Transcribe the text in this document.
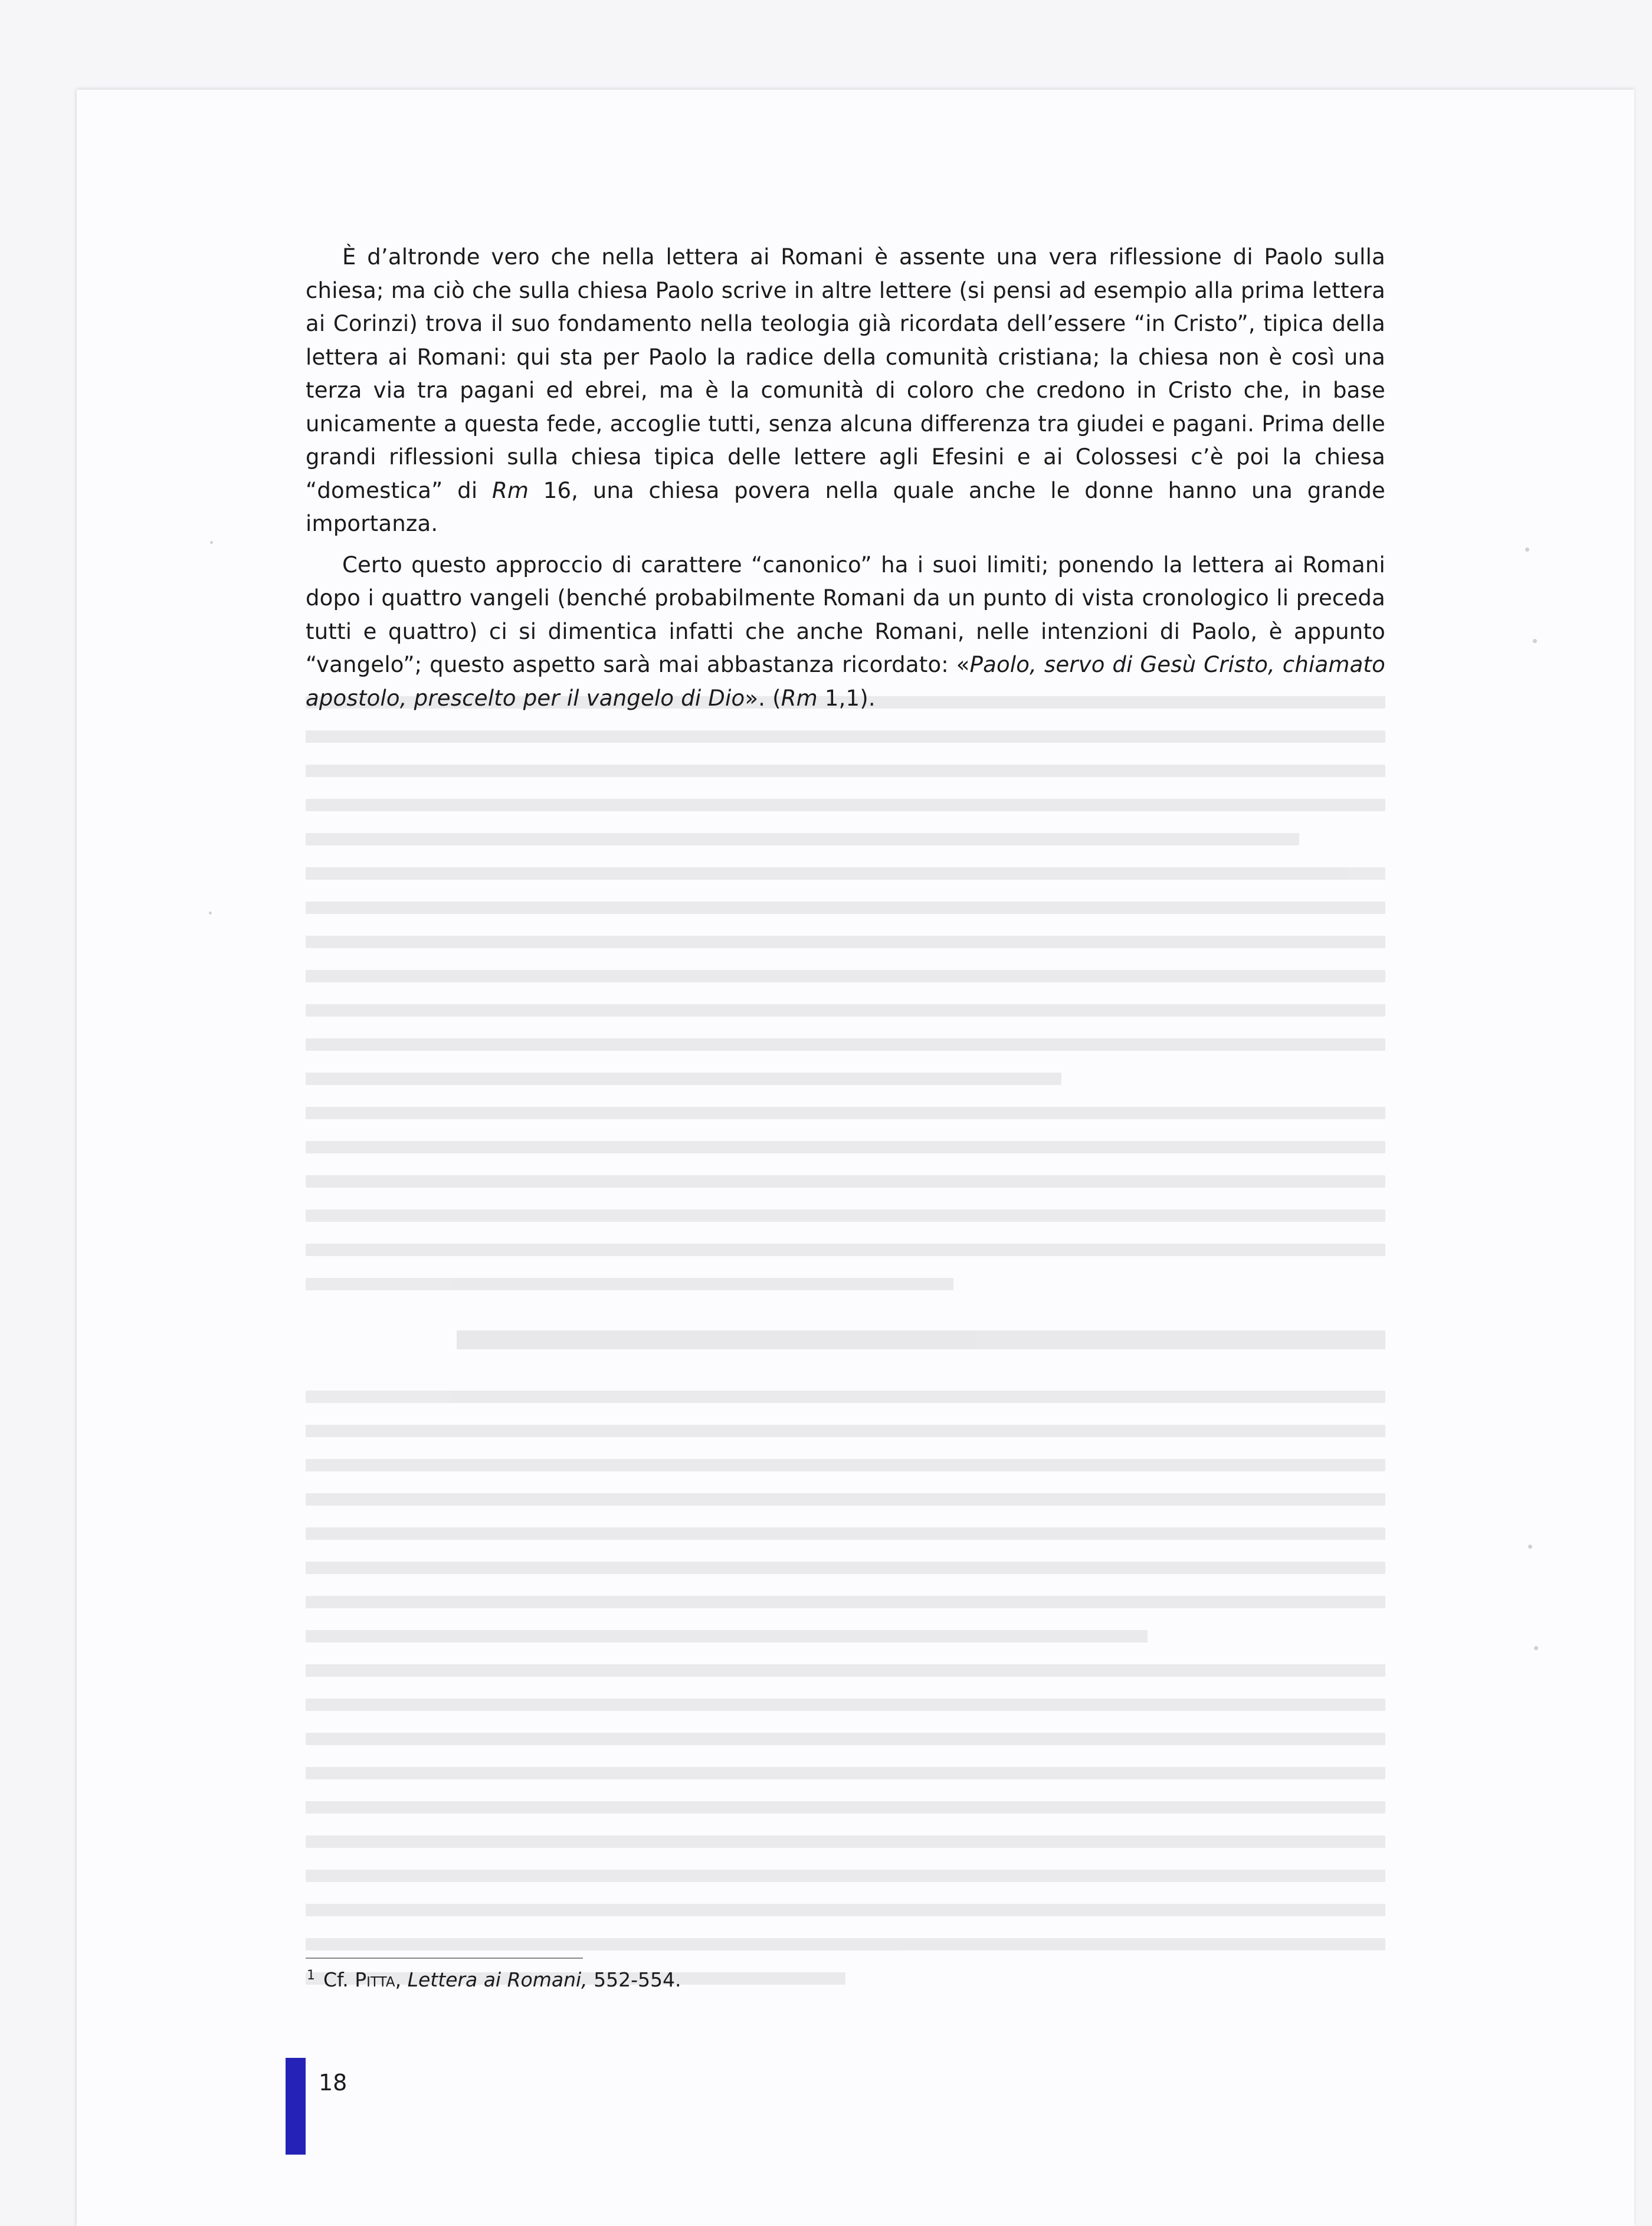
È d’altronde vero che nella lettera ai Romani è assente una vera riflessione di Paolo sulla chiesa; ma ciò che sulla chiesa Paolo scrive in altre lettere (si pensi ad esempio alla prima lettera ai Corinzi) trova il suo fondamento nella teologia già ricordata dell’essere “in Cristo”, tipica della lettera ai Romani: qui sta per Paolo la radice della comunità cristiana; la chiesa non è così una terza via tra pagani ed ebrei, ma è la comunità di coloro che credono in Cristo che, in base unicamente a questa fede, accoglie tutti, senza alcuna differenza tra giudei e pagani. Prima delle grandi riflessioni sulla chiesa tipica delle lettere agli Efesini e ai Colossesi c’è poi la chiesa “domestica” di Rm 16, una chiesa povera nella quale anche le donne hanno una grande importanza.

Certo questo approccio di carattere “canonico” ha i suoi limiti; ponendo la lettera ai Romani dopo i quattro vangeli (benché probabilmente Romani da un punto di vista cronologico li preceda tutti e quattro) ci si dimentica infatti che anche Romani, nelle intenzioni di Paolo, è appunto “vangelo”; questo aspetto sarà mai abbastanza ricordato: «Paolo, servo di Gesù Cristo, chiamato apostolo, prescelto per il vangelo di Dio». (Rm 1,1).

$^1$ Cf. Pitta, Lettera ai Romani, 552-554.
18
